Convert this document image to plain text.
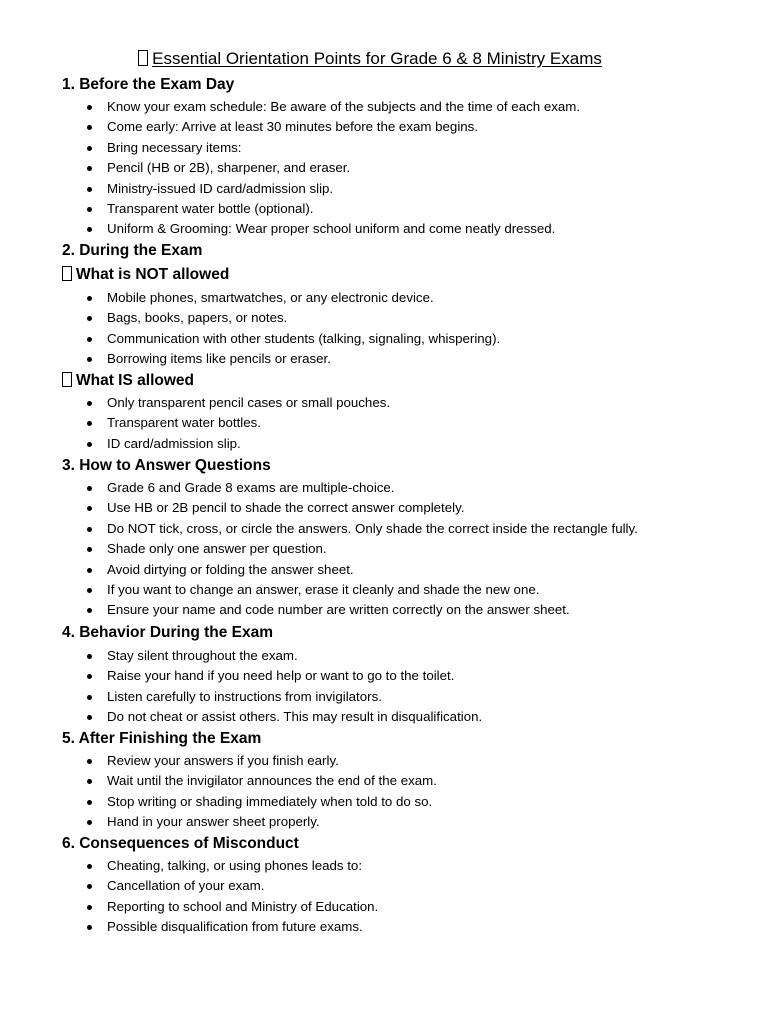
Essential Orientation Points for Grade 6 & 8 Ministry Exams
1. Before the Exam Day
Know your exam schedule: Be aware of the subjects and the time of each exam.
Come early: Arrive at least 30 minutes before the exam begins.
Bring necessary items:
Pencil (HB or 2B), sharpener, and eraser.
Ministry-issued ID card/admission slip.
Transparent water bottle (optional).
Uniform & Grooming: Wear proper school uniform and come neatly dressed.
2. During the Exam
What is NOT allowed
Mobile phones, smartwatches, or any electronic device.
Bags, books, papers, or notes.
Communication with other students (talking, signaling, whispering).
Borrowing items like pencils or eraser.
What IS allowed
Only transparent pencil cases or small pouches.
Transparent water bottles.
ID card/admission slip.
3. How to Answer Questions
Grade 6 and Grade 8 exams are multiple-choice.
Use HB or 2B pencil to shade the correct answer completely.
Do NOT tick, cross, or circle the answers. Only shade the correct inside the rectangle fully.
Shade only one answer per question.
Avoid dirtying or folding the answer sheet.
If you want to change an answer, erase it cleanly and shade the new one.
Ensure your name and code number are written correctly on the answer sheet.
4. Behavior During the Exam
Stay silent throughout the exam.
Raise your hand if you need help or want to go to the toilet.
Listen carefully to instructions from invigilators.
Do not cheat or assist others. This may result in disqualification.
5. After Finishing the Exam
Review your answers if you finish early.
Wait until the invigilator announces the end of the exam.
Stop writing or shading immediately when told to do so.
Hand in your answer sheet properly.
6. Consequences of Misconduct
Cheating, talking, or using phones leads to:
Cancellation of your exam.
Reporting to school and Ministry of Education.
Possible disqualification from future exams.
